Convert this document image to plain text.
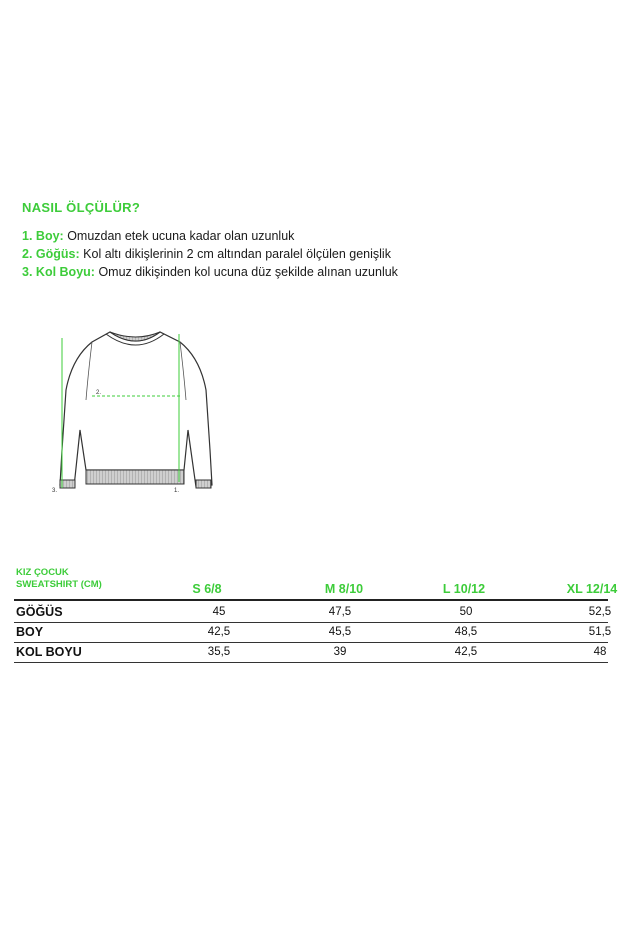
NASIL ÖLÇÜLÜR?
1. Boy: Omuzdan etek ucuna kadar olan uzunluk
2. Göğüs: Kol altı dikişlerinin 2 cm altından paralel ölçülen genişlik
3. Kol Boyu: Omuz dikişinden kol ucuna düz şekilde alınan uzunluk
1.
2.
3.
KIZ ÇOCUK
SWEATSHIRT (CM)	S 6/8	M 8/10	L 10/12	XL 12/14
GÖĞÜS	45	47,5	50	52,5
BOY	42,5	45,5	48,5	51,5
KOL BOYU	35,5	39	42,5	48
